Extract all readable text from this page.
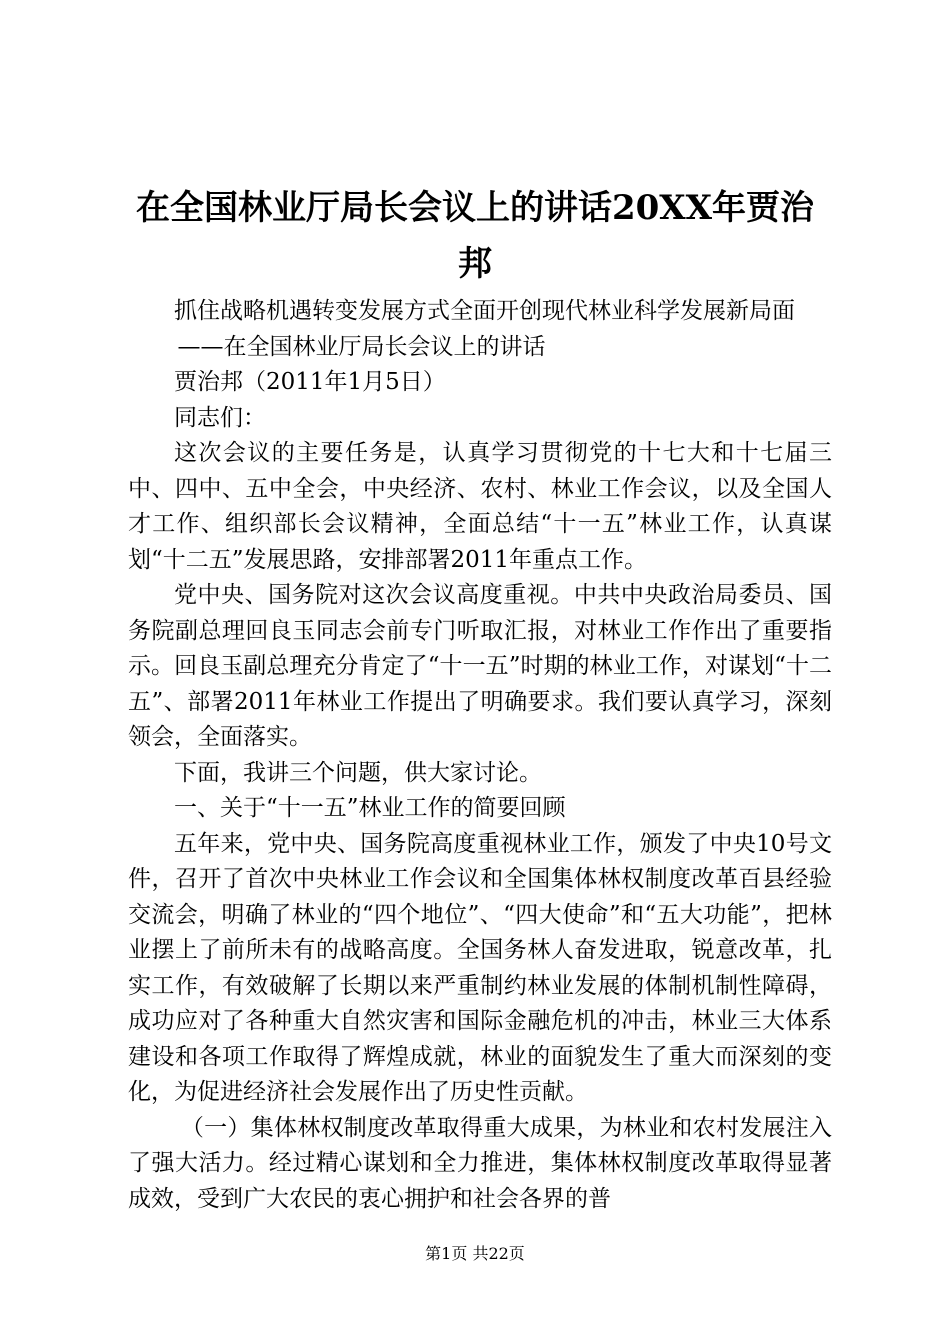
在全国林业厅局长会议上的讲话20XX年贾治邦

抓住战略机遇转变发展方式全面开创现代林业科学发展新局面

——在全国林业厅局长会议上的讲话

贾治邦（2011年1月5日）

同志们：

这次会议的主要任务是，认真学习贯彻党的十七大和十七届三中、四中、五中全会，中央经济、农村、林业工作会议，以及全国人才工作、组织部长会议精神，全面总结“十一五”林业工作，认真谋划“十二五”发展思路，安排部署2011年重点工作。

党中央、国务院对这次会议高度重视。中共中央政治局委员、国务院副总理回良玉同志会前专门听取汇报，对林业工作作出了重要指示。回良玉副总理充分肯定了“十一五”时期的林业工作，对谋划“十二五”、部署2011年林业工作提出了明确要求。我们要认真学习，深刻领会，全面落实。

下面，我讲三个问题，供大家讨论。

一、关于“十一五”林业工作的简要回顾

五年来，党中央、国务院高度重视林业工作，颁发了中央10号文件，召开了首次中央林业工作会议和全国集体林权制度改革百县经验交流会，明确了林业的“四个地位”、“四大使命”和“五大功能”，把林业摆上了前所未有的战略高度。全国务林人奋发进取，锐意改革，扎实工作，有效破解了长期以来严重制约林业发展的体制机制性障碍，成功应对了各种重大自然灾害和国际金融危机的冲击，林业三大体系建设和各项工作取得了辉煌成就，林业的面貌发生了重大而深刻的变化，为促进经济社会发展作出了历史性贡献。

（一）集体林权制度改革取得重大成果，为林业和农村发展注入了强大活力。经过精心谋划和全力推进，集体林权制度改革取得显著成效，受到广大农民的衷心拥护和社会各界的普

第1页 共22页
